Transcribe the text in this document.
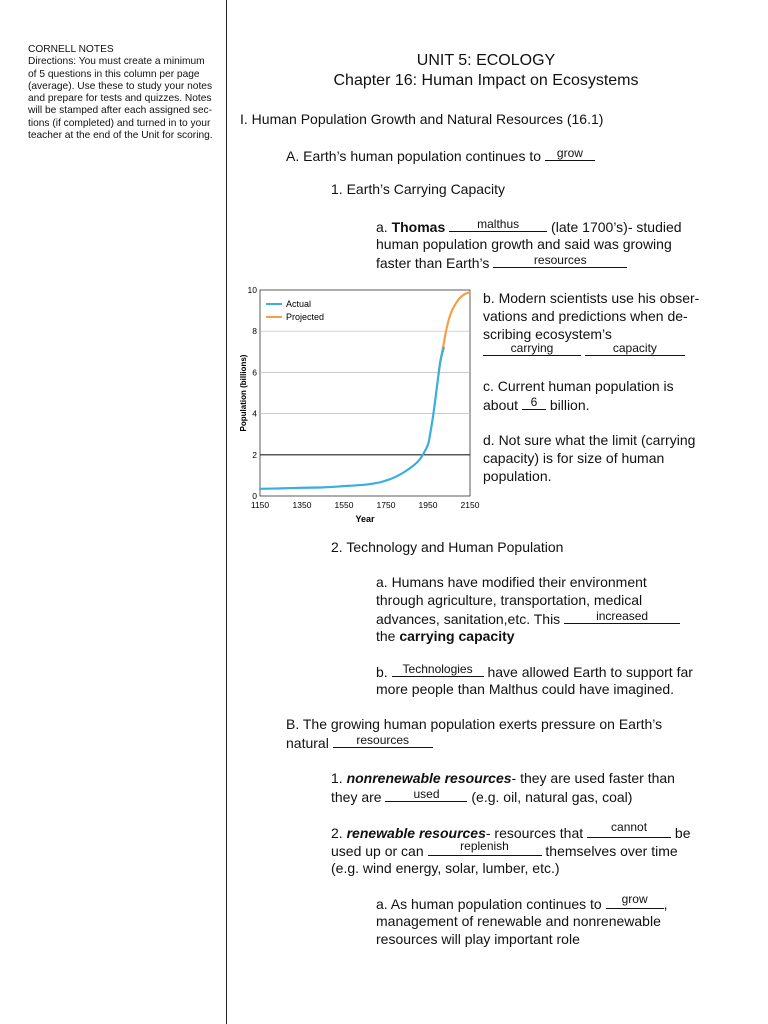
CORNELL NOTES
Directions: You must create a minimum
of 5 questions in this column per page
(average). Use these to study your notes
and prepare for tests and quizzes. Notes
will be stamped after each assigned sec-
tions (if completed) and turned in to your
teacher at the end of the Unit for scoring.
UNIT 5: ECOLOGY
Chapter 16: Human Impact on Ecosystems
I. Human Population Growth and Natural Resources (16.1)
A. Earth’s human population continues to	grow
1. Earth’s Carrying Capacity
a. Thomas	malthus	(late 1700’s)- studied
human population growth and said was growing
faster than Earth’s	resources
0
2
4
6
8
10
1150	1350	1550	1750	1950	2150
Actual
Projected
Year
Population (billions)
b. Modern scientists use his obser-
vations and predictions when de-
scribing ecosystem’s
carrying
	capacity
c. Current human population is
about	6 billion.
d. Not sure what the limit (carrying
capacity) is for size of human
population.
2. Technology and Human Population
a. Humans have modified their environment
through agriculture, transportation, medical
advances, sanitation,etc. This	increased
the carrying capacity
b.	Technologies	have allowed Earth to support far
more people than Malthus could have imagined.
B. The growing human population exerts pressure on Earth’s
natural	resources
1. nonrenewable resources- they are used faster than
they are	used	(e.g. oil, natural gas, coal)
2. renewable resources- resources that	cannot	be
used up or can	replenish	themselves over time
(e.g. wind energy, solar, lumber, etc.)
a. As human population continues to	grow	,
management of renewable and nonrenewable
resources will play important role
